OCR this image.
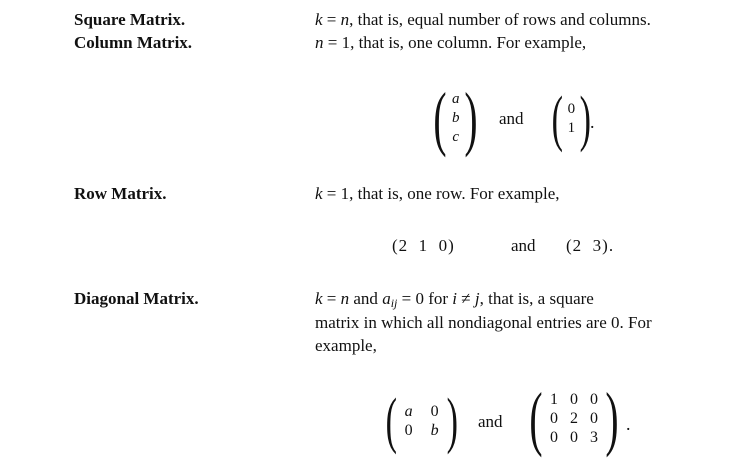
Square Matrix.	k = n, that is, equal number of rows and columns.
Column Matrix.	n = 1, that is, one column. For example,
( a
b
c ) and ( 0
1 )
.
Row Matrix.	k = 1, that is, one row. For example,
(2  1  0)	and (2  3).
Diagonal Matrix.	k = n and $a_{ij} = 0$ for i ≠ j, that is, a square
matrix in which all nondiagonal entries are 0. For
example,
( a 0
0 b ) and ( 1 0 0
0 2 0
0 0 3 ) .
